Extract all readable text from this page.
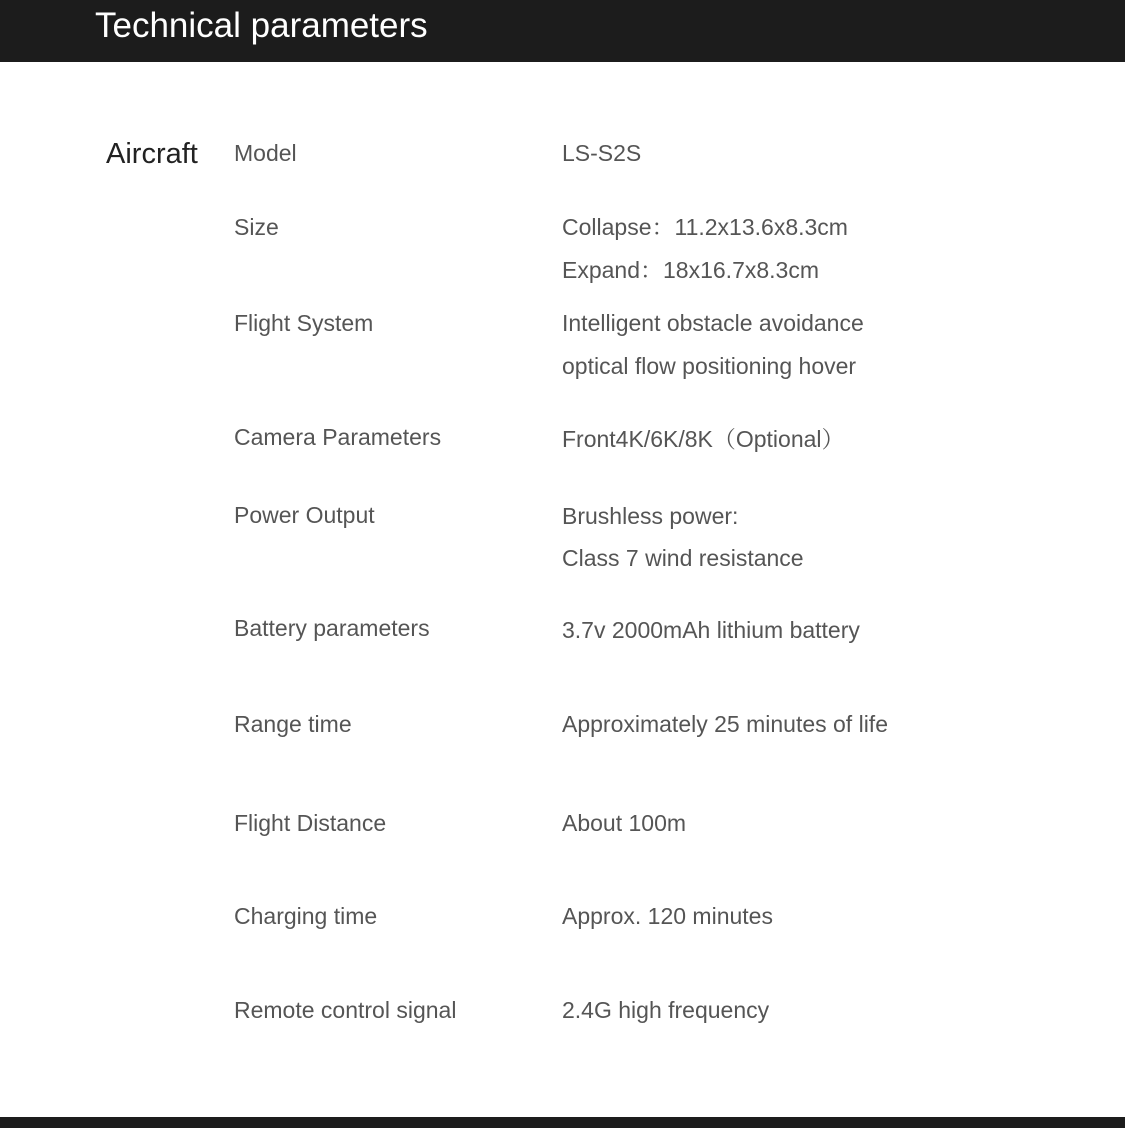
Technical parameters
Aircraft Model	LS-S2S
Size	Collapse：11.2x13.6x8.3cm
Expand：18x16.7x8.3cm
Flight System	Intelligent obstacle avoidance
optical flow positioning hover
Camera Parameters	Front4K/6K/8K（Optional）
Power Output	Brushless power:
Class 7 wind resistance
Battery parameters	3.7v 2000mAh lithium battery
Range time	Approximately 25 minutes of life
Flight Distance	About 100m
Charging time	Approx. 120 minutes
Remote control signal	2.4G high frequency
